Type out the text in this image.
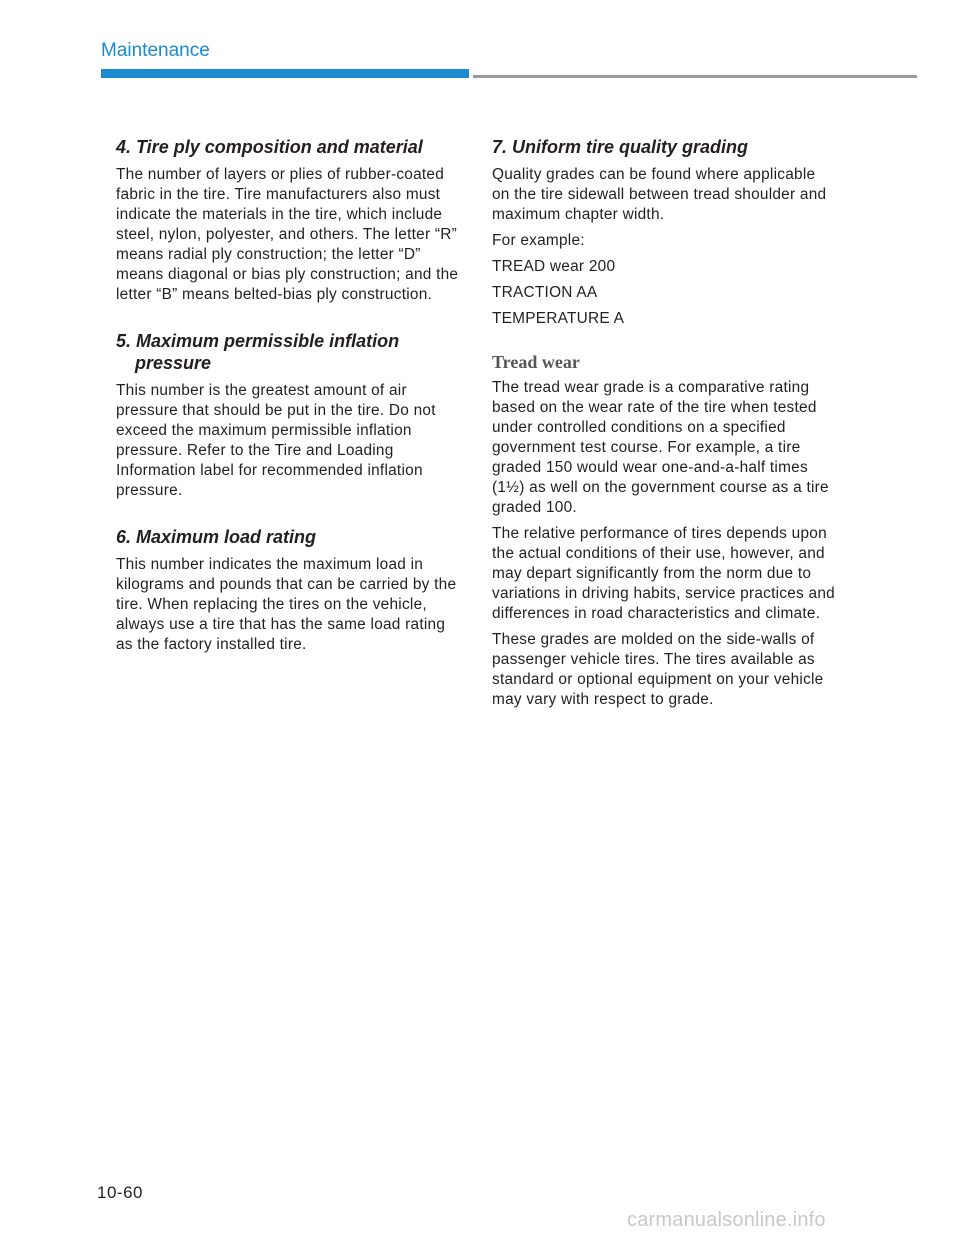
Maintenance
4. Tire ply composition and material

The number of layers or plies of rubber-coated fabric in the tire. Tire manufacturers also must indicate the materials in the tire, which include steel, nylon, polyester, and others. The letter “R” means radial ply construction; the letter “D” means diagonal or bias ply construction; and the letter “B” means belted-bias ply construction.

5. Maximum permissible inflation
pressure

This number is the greatest amount of air pressure that should be put in the tire. Do not exceed the maximum permissible inflation pressure. Refer to the Tire and Loading Information label for recommended inflation pressure.

6. Maximum load rating

This number indicates the maximum load in kilograms and pounds that can be carried by the tire. When replacing the tires on the vehicle, always use a tire that has the same load rating as the factory installed tire.

7. Uniform tire quality grading

Quality grades can be found where applicable on the tire sidewall between tread shoulder and maximum chapter width.

For example:

TREAD wear 200

TRACTION AA

TEMPERATURE A

Tread wear

The tread wear grade is a comparative rating based on the wear rate of the tire when tested under controlled conditions on a specified government test course. For example, a tire graded 150 would wear one-and-a-half times (1½) as well on the government course as a tire graded 100.

The relative performance of tires depends upon the actual conditions of their use, however, and may depart significantly from the norm due to variations in driving habits, service practices and differences in road characteristics and climate.

These grades are molded on the side-walls of passenger vehicle tires. The tires available as standard or optional equipment on your vehicle may vary with respect to grade.

10-60
carmanualsonline.info
